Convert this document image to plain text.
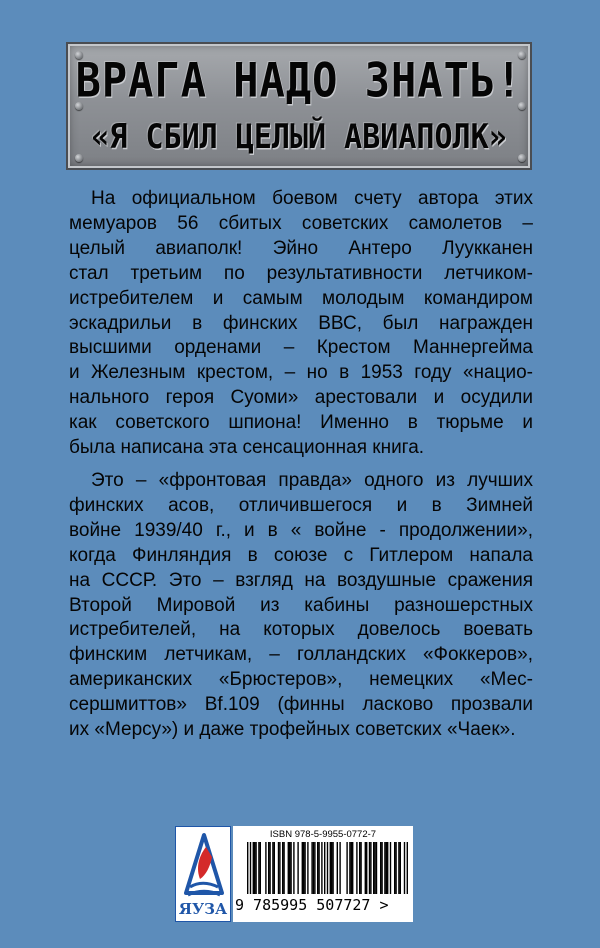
ВРАГА НАДО ЗНАТЬ!
«Я СБИЛ ЦЕЛЫЙ АВИАПОЛК»
На официальном боевом счету автора этих
мемуаров 56 сбитых советских самолетов –
целый авиаполк! Эйно Антеро Луукканен
стал третьим по результативности летчиком-
истребителем и самым молодым командиром
эскадрильи в финских ВВС, был награжден
высшими орденами – Крестом Маннергейма
и Железным крестом, – но в 1953 году «нацио-
нального героя Суоми» арестовали и осудили
как советского шпиона! Именно в тюрьме и
была написана эта сенсационная книга.
Это – «фронтовая правда» одного из лучших
финских асов, отличившегося и в Зимней
войне 1939/40 г., и в « войне - продолжении»,
когда Финляндия в союзе с Гитлером напала
на СССР. Это – взгляд на воздушные сражения
Второй Мировой из кабины разношерстных
истребителей, на которых довелось воевать
финским летчикам, – голландских «Фоккеров»,
американских «Брюстеров», немецких «Мес-
сершмиттов» Bf.109 (финны ласково прозвали
их «Мерсу») и даже трофейных советских «Чаек».
ЯУЗА
ISBN 978-5-9955-0772-7
9 785995 507727 >
